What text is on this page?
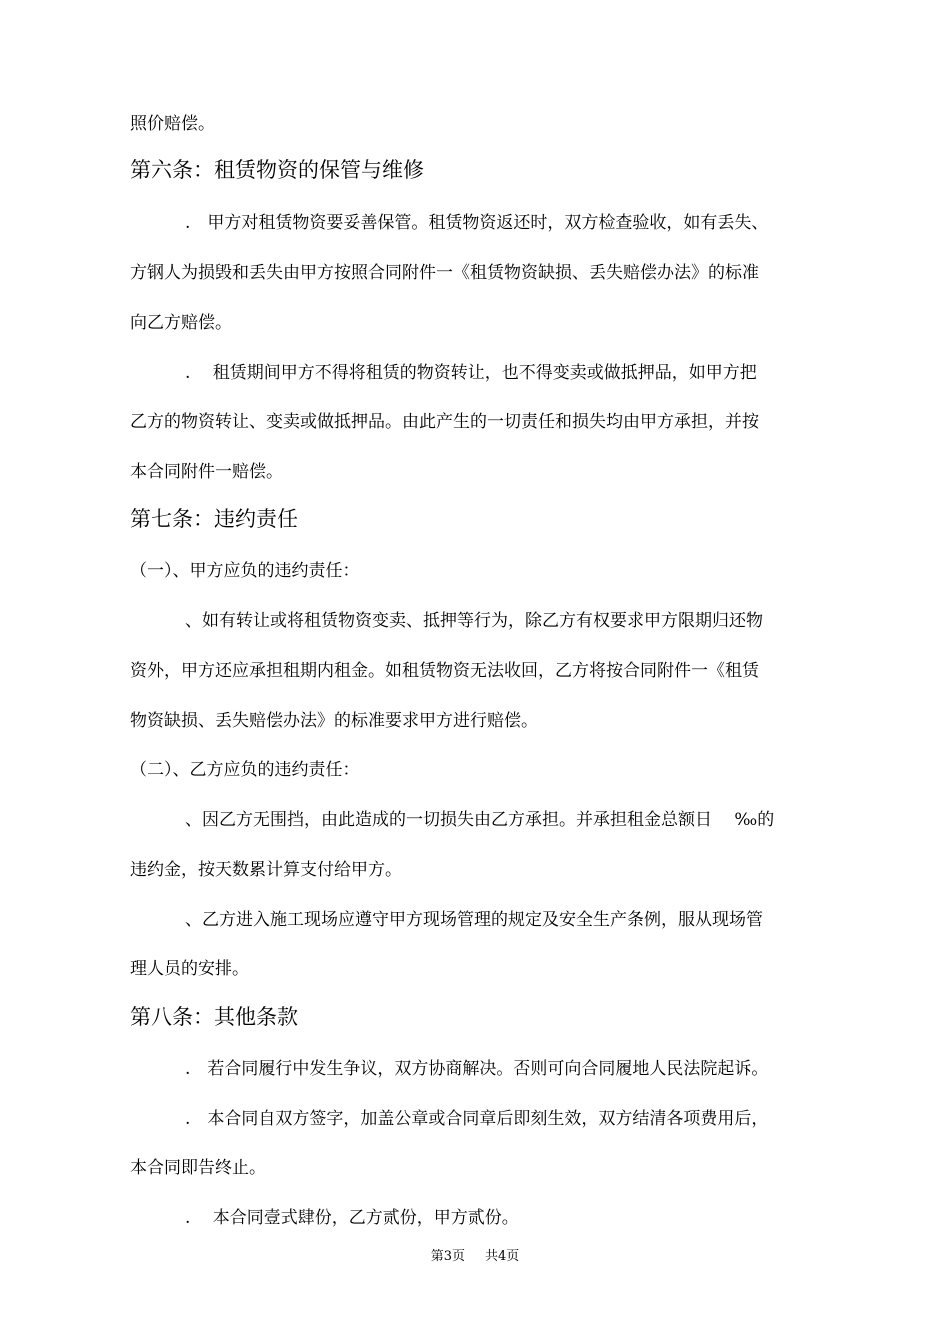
照价赔偿。
第六条：租赁物资的保管与维修
.　甲方对租赁物资要妥善保管。租赁物资返还时，双方检查验收，如有丢失、
方钢人为损毁和丢失由甲方按照合同附件一《租赁物资缺损、丢失赔偿办法》的标准
向乙方赔偿。
.　 租赁期间甲方不得将租赁的物资转让，也不得变卖或做抵押品，如甲方把
乙方的物资转让、变卖或做抵押品。由此产生的一切责任和损失均由甲方承担，并按
本合同附件一赔偿。
第七条：违约责任
（一）、甲方应负的违约责任：
、如有转让或将租赁物资变卖、抵押等行为，除乙方有权要求甲方限期归还物
资外，甲方还应承担租期内租金。如租赁物资无法收回，乙方将按合同附件一《租赁
物资缺损、丢失赔偿办法》的标准要求甲方进行赔偿。
（二）、乙方应负的违约责任：
、因乙方无围挡，由此造成的一切损失由乙方承担。并承担租金总额日　 ‰的
违约金，按天数累计算支付给甲方。
、乙方进入施工现场应遵守甲方现场管理的规定及安全生产条例，服从现场管
理人员的安排。
第八条：其他条款
.　若合同履行中发生争议，双方协商解决。否则可向合同履地人民法院起诉。
.　本合同自双方签字，加盖公章或合同章后即刻生效，双方结清各项费用后，
本合同即告终止。
.　 本合同壹式肆份，乙方贰份，甲方贰份。
第3页 共4页
